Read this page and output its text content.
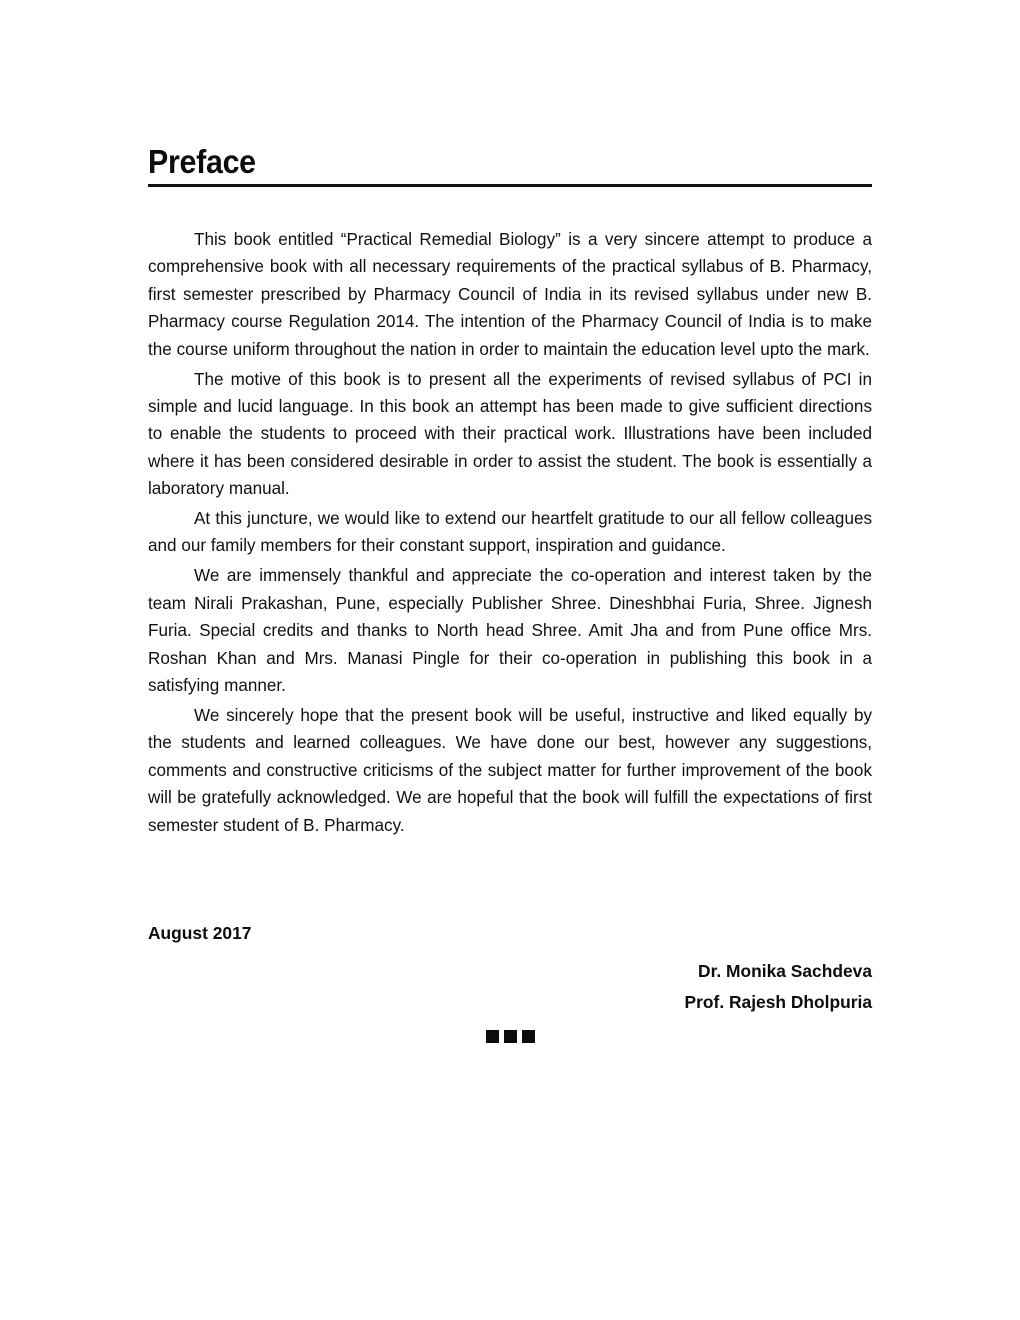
Preface

This book entitled “Practical Remedial Biology” is a very sincere attempt to produce a comprehensive book with all necessary requirements of the practical syllabus of B. Pharmacy, first semester prescribed by Pharmacy Council of India in its revised syllabus under new B. Pharmacy course Regulation 2014. The intention of the Pharmacy Council of India is to make the course uniform throughout the nation in order to maintain the education level upto the mark.

The motive of this book is to present all the experiments of revised syllabus of PCI in simple and lucid language. In this book an attempt has been made to give sufficient directions to enable the students to proceed with their practical work. Illustrations have been included where it has been considered desirable in order to assist the student. The book is essentially a laboratory manual.

At this juncture, we would like to extend our heartfelt gratitude to our all fellow colleagues and our family members for their constant support, inspiration and guidance.

We are immensely thankful and appreciate the co-operation and interest taken by the team Nirali Prakashan, Pune, especially Publisher Shree. Dineshbhai Furia, Shree. Jignesh Furia. Special credits and thanks to North head Shree. Amit Jha and from Pune office Mrs. Roshan Khan and Mrs. Manasi Pingle for their co-operation in publishing this book in a satisfying manner.

We sincerely hope that the present book will be useful, instructive and liked equally by the students and learned colleagues. We have done our best, however any suggestions, comments and constructive criticisms of the subject matter for further improvement of the book will be gratefully acknowledged. We are hopeful that the book will fulfill the expectations of first semester student of B. Pharmacy.

August 2017
Dr. Monika Sachdeva
Prof. Rajesh Dholpuria
